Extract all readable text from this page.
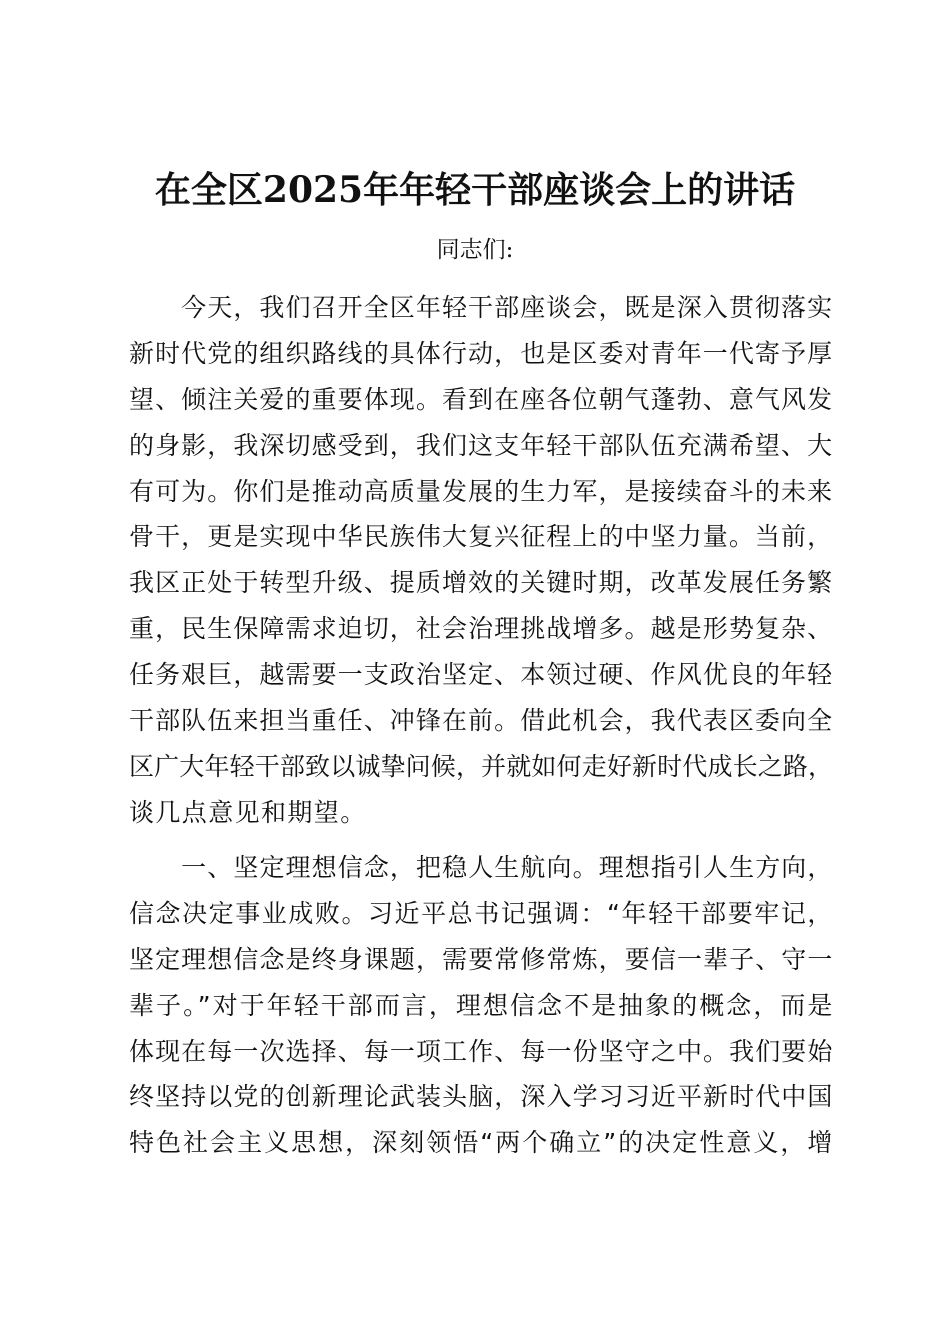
在全区2025年年轻干部座谈会上的讲话
同志们:
　　今天，我们召开全区年轻干部座谈会，既是深入贯彻落实
新时代党的组织路线的具体行动，也是区委对青年一代寄予厚
望、倾注关爱的重要体现。看到在座各位朝气蓬勃、意气风发
的身影，我深切感受到，我们这支年轻干部队伍充满希望、大
有可为。你们是推动高质量发展的生力军，是接续奋斗的未来
骨干，更是实现中华民族伟大复兴征程上的中坚力量。当前，
我区正处于转型升级、提质增效的关键时期，改革发展任务繁
重，民生保障需求迫切，社会治理挑战增多。越是形势复杂、
任务艰巨，越需要一支政治坚定、本领过硬、作风优良的年轻
干部队伍来担当重任、冲锋在前。借此机会，我代表区委向全
区广大年轻干部致以诚挚问候，并就如何走好新时代成长之路，
谈几点意见和期望。
　　一、坚定理想信念，把稳人生航向。理想指引人生方向，
信念决定事业成败。习近平总书记强调：“年轻干部要牢记，
坚定理想信念是终身课题，需要常修常炼，要信一辈子、守一
辈子。”对于年轻干部而言，理想信念不是抽象的概念，而是
体现在每一次选择、每一项工作、每一份坚守之中。我们要始
终坚持以党的创新理论武装头脑，深入学习习近平新时代中国
特色社会主义思想，深刻领悟“两个确立”的决定性意义，增
